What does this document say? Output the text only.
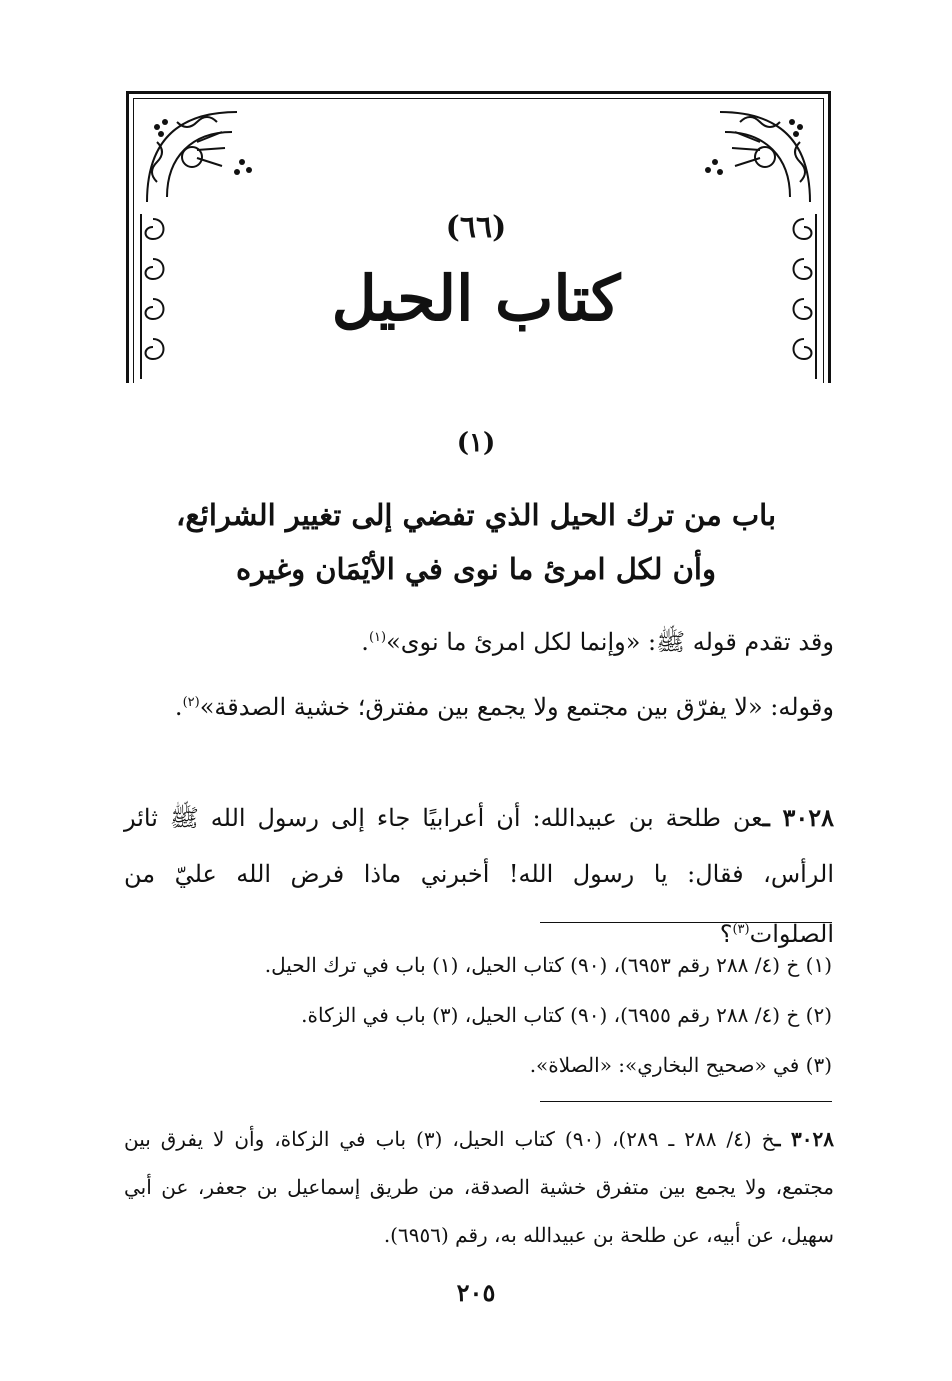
(٦٦)
كتاب الحيل
(١)
باب من ترك الحيل الذي تفضي إلى تغيير الشرائع،
وأن لكل امرئ ما نوى في الأيْمَان وغيره
وقد تقدم قوله ﷺ: «وإنما لكل امرئ ما نوى»$^{(١)}$.
وقوله: «لا يفرّق بين مجتمع ولا يجمع بين مفترق؛ خشية الصدقة»$^{(٢)}$.
٣٠٢٨ ـعن طلحة بن عبيدالله: أن أعرابيًا جاء إلى رسول الله ﷺ ثائر الرأس، فقال: يا رسول الله! أخبرني ماذا فرض الله عليّ من الصلوات$^{(٣)}$؟
(١) خ (٤/ ٢٨٨ رقم ٦٩٥٣)، (٩٠) كتاب الحيل، (١) باب في ترك الحيل.
(٢) خ (٤/ ٢٨٨ رقم ٦٩٥٥)، (٩٠) كتاب الحيل، (٣) باب في الزكاة.
(٣) في «صحيح البخاري»: «الصلاة».
٣٠٢٨ ـخ (٤/ ٢٨٨ ـ ٢٨٩)، (٩٠) كتاب الحيل، (٣) باب في الزكاة، وأن لا يفرق بين مجتمع، ولا يجمع بين متفرق خشية الصدقة، من طريق إسماعيل بن جعفر، عن أبي سهيل، عن أبيه، عن طلحة بن عبيدالله به، رقم (٦٩٥٦).
٢٠٥
